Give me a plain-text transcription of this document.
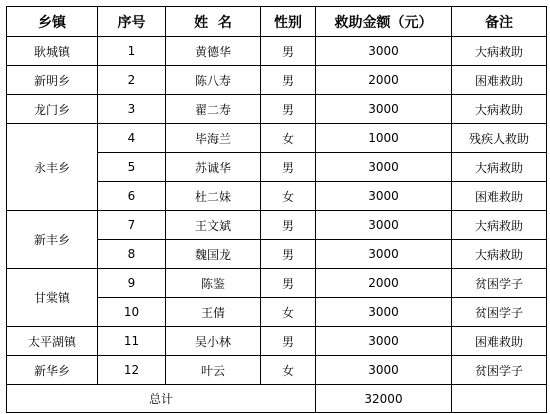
乡镇	序号	姓  名	性别	救助金额（元）	备注
耿城镇	1	黄德华	男	3000	大病救助
新明乡	2	陈八寿	男	2000	困难救助
龙门乡	3	翟二寿	男	3000	大病救助
永丰乡	4	毕海兰	女	1000	残疾人救助
	5	苏诚华	男	3000	大病救助
	6	杜二妹	女	3000	困难救助
新丰乡	7	王文斌	男	3000	大病救助
	8	魏国龙	男	3000	大病救助
甘棠镇	9	陈鉴	男	2000	贫困学子
	10	王倩	女	3000	贫困学子
太平湖镇	11	吴小林	男	3000	困难救助
新华乡	12	叶云	女	3000	贫困学子
总计				32000	
